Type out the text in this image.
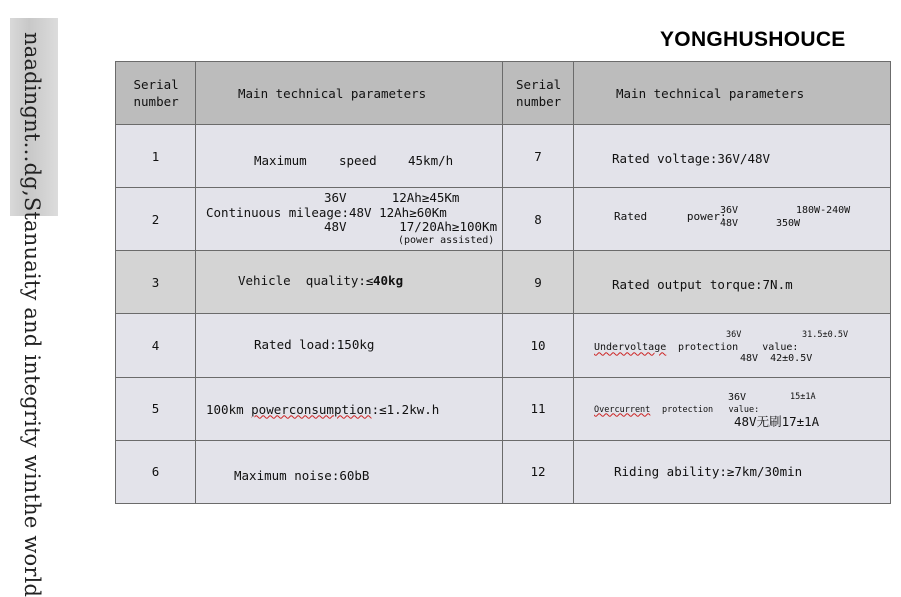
naadingnt…dg,Stanuaity and integrity winthe world	YONGHUSHOUCE
Serial number	Main technical parameters	Serial number	Main technical parameters
1	Maximum speed 45km/h	7	Rated voltage:36V/48V

2	36V      12Ah≥45Km
Continuous mileage:48V 12Ah≥60Km
48V       17/20Ah≥100Km
(power assisted)	8	Rated      power:
36V 180W-240W
48V 350W

3	Vehicle  quality:≤ 40kg	9	Rated output torque:7N.m

4	Rated load:150kg	10	36V 31.5±0.5V
Undervoltage protection    value:
48V  42±0.5V

5	100km powerconsumption:≤1.2kw.h	11	36V 15±1A
Overcurrent protection   value:
48V无刷17±1A

6	Maximum noise:60bB	12	Riding ability:≥7km/30min
